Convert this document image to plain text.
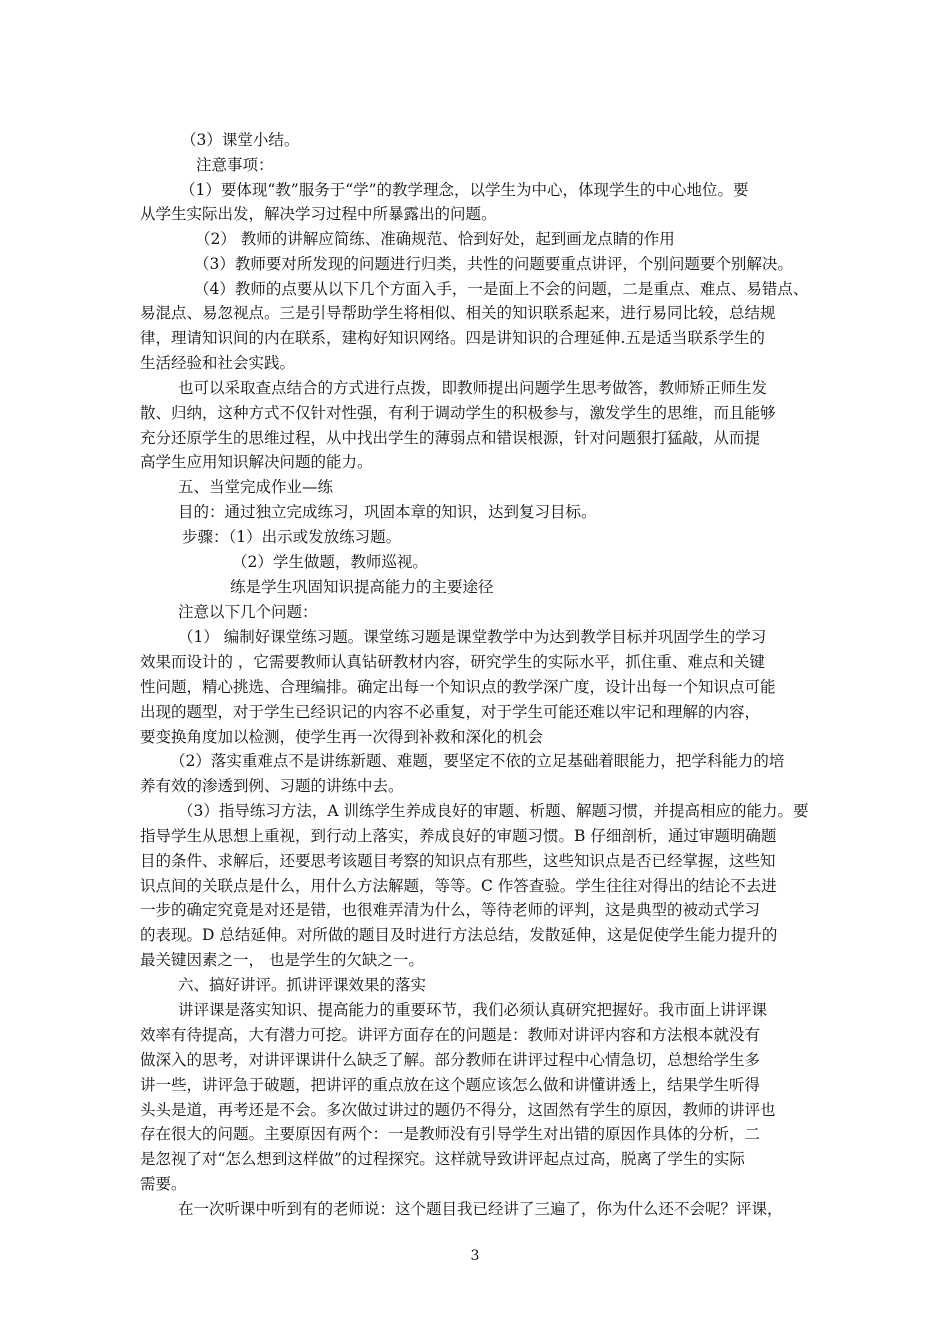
（3）课堂小结。
注意事项：
（1）要体现“教”服务于“学”的教学理念，以学生为中心，体现学生的中心地位。要
从学生实际出发，解决学习过程中所暴露出的问题。
（2） 教师的讲解应简练、准确规范、恰到好处，起到画龙点睛的作用
（3）教师要对所发现的问题进行归类，共性的问题要重点讲评，个别问题要个别解决。
（4）教师的点要从以下几个方面入手，一是面上不会的问题，二是重点、难点、易错点、
易混点、易忽视点。三是引导帮助学生将相似、相关的知识联系起来，进行易同比较，总结规
律，理请知识间的内在联系，建构好知识网络。四是讲知识的合理延伸.五是适当联系学生的
生活经验和社会实践。
也可以采取查点结合的方式进行点拨，即教师提出问题学生思考做答，教师矫正师生发
散、归纳，这种方式不仅针对性强，有利于调动学生的积极参与，激发学生的思维，而且能够
充分还原学生的思维过程，从中找出学生的薄弱点和错误根源，针对问题狠打猛敲，从而提
高学生应用知识解决问题的能力。
五、当堂完成作业—练
目的：通过独立完成练习，巩固本章的知识，达到复习目标。
步骤：（1）出示或发放练习题。
（2）学生做题，教师巡视。
练是学生巩固知识提高能力的主要途径
注意以下几个问题：
（1） 编制好课堂练习题。课堂练习题是课堂教学中为达到教学目标并巩固学生的学习
效果而设计的 ，它需要教师认真钻研教材内容，研究学生的实际水平，抓住重、难点和关键
性问题，精心挑选、合理编排。确定出每一个知识点的教学深广度，设计出每一个知识点可能
出现的题型，对于学生已经识记的内容不必重复，对于学生可能还难以牢记和理解的内容，
要变换角度加以检测，使学生再一次得到补救和深化的机会
（2）落实重难点不是讲练新题、难题，要坚定不依的立足基础着眼能力，把学科能力的培
养有效的渗透到例、习题的讲练中去。
（3）指导练习方法，A 训练学生养成良好的审题、析题、解题习惯，并提高相应的能力。要
指导学生从思想上重视，到行动上落实，养成良好的审题习惯。B 仔细剖析，通过审题明确题
目的条件、求解后，还要思考该题目考察的知识点有那些，这些知识点是否已经掌握，这些知
识点间的关联点是什么，用什么方法解题，等等。C 作答查验。学生往往对得出的结论不去进
一步的确定究竟是对还是错，也很难弄清为什么，等待老师的评判，这是典型的被动式学习
的表现。D 总结延伸。对所做的题目及时进行方法总结，发散延伸，这是促使学生能力提升的
最关键因素之一， 也是学生的欠缺之一。
六、搞好讲评。抓讲评课效果的落实
讲评课是落实知识、提高能力的重要环节，我们必须认真研究把握好。我市面上讲评课
效率有待提高，大有潜力可挖。讲评方面存在的问题是：教师对讲评内容和方法根本就没有
做深入的思考，对讲评课讲什么缺乏了解。部分教师在讲评过程中心情急切，总想给学生多
讲一些，讲评急于破题，把讲评的重点放在这个题应该怎么做和讲懂讲透上，结果学生听得
头头是道，再考还是不会。多次做过讲过的题仍不得分，这固然有学生的原因，教师的讲评也
存在很大的问题。主要原因有两个：一是教师没有引导学生对出错的原因作具体的分析，二
是忽视了对“怎么想到这样做”的过程探究。这样就导致讲评起点过高，脱离了学生的实际
需要。
在一次听课中听到有的老师说：这个题目我已经讲了三遍了，你为什么还不会呢？评课，
3
